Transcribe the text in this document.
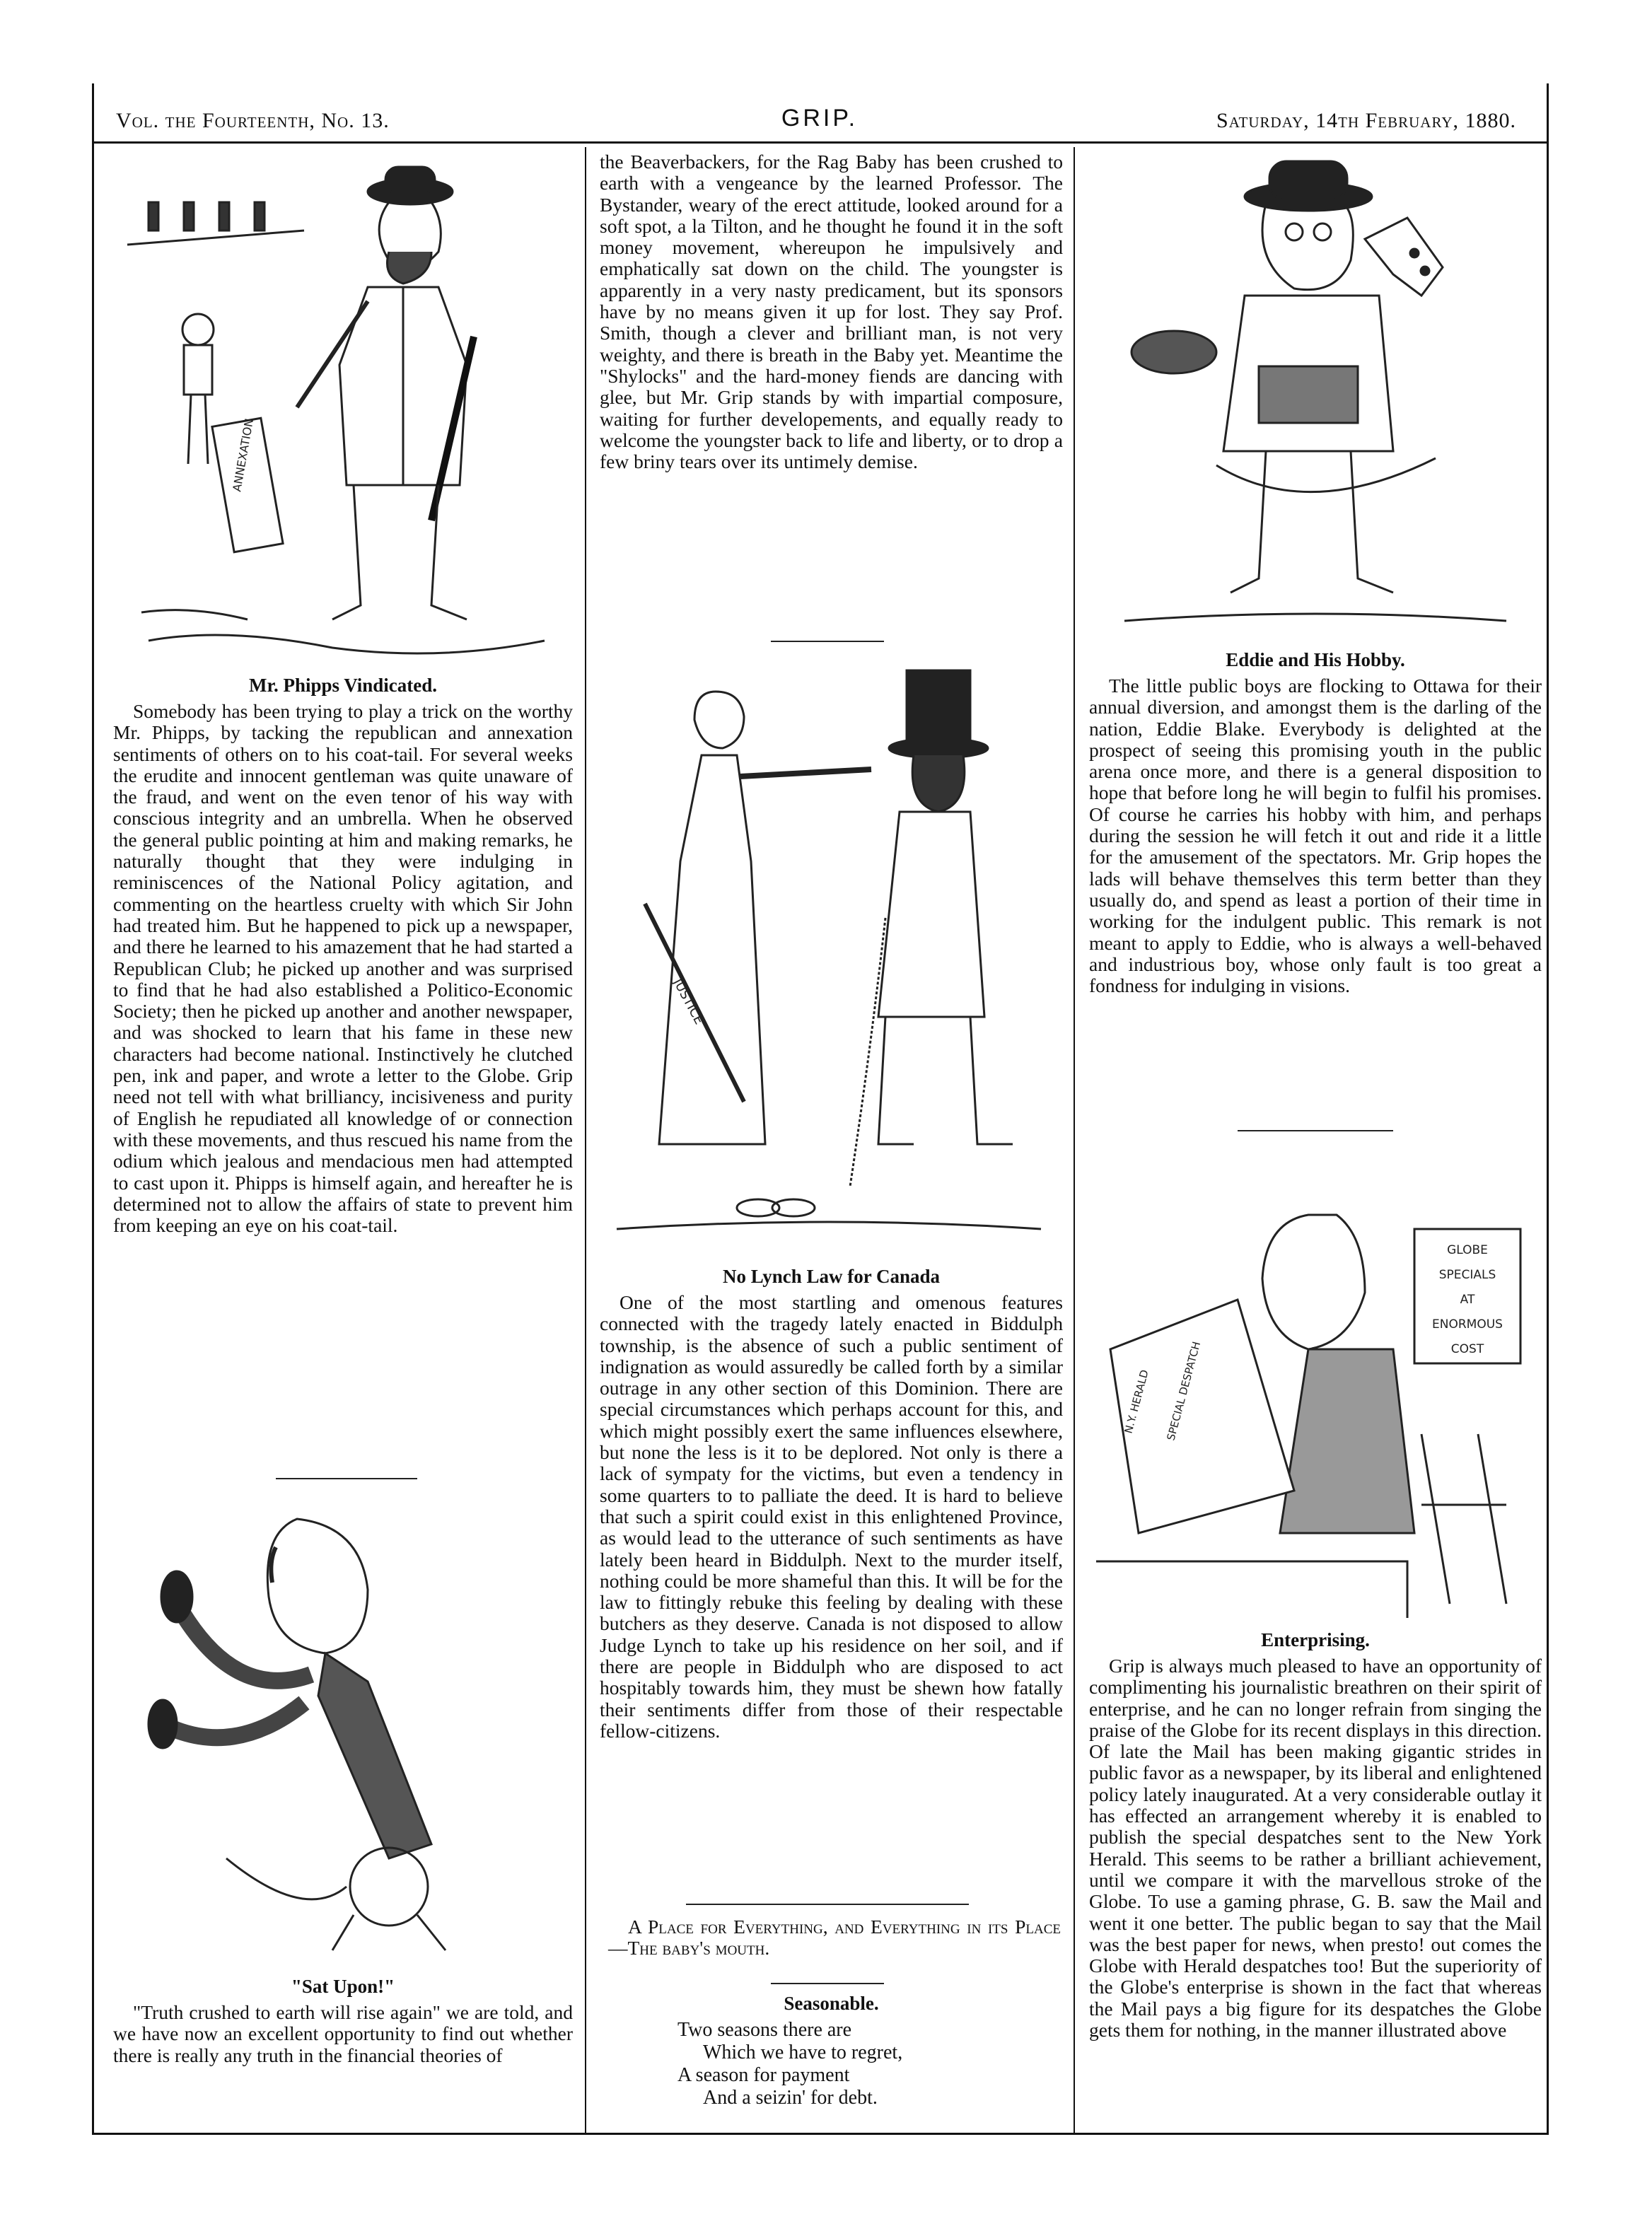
Vol. the Fourteenth, No. 13.	GRIP.	Saturday, 14th February, 1880.
ANNEXATION
Mr. Phipps Vindicated.

Somebody has been trying to play a trick on the worthy Mr. Phipps, by tacking the republican and annexation sentiments of others on to his coat-tail. For several weeks the erudite and innocent gentleman was quite unaware of the fraud, and went on the even tenor of his way with conscious integrity and an umbrella. When he observed the general public pointing at him and making remarks, he naturally thought that they were indulging in reminiscences of the National Policy agitation, and commenting on the heartless cruelty with which Sir John had treated him. But he happened to pick up a newspaper, and there he learned to his amazement that he had started a Republican Club; he picked up another and was surprised to find that he had also established a Politico-Economic Society; then he picked up another and another newspaper, and was shocked to learn that his fame in these new characters had become national. Instinctively he clutched pen, ink and paper, and wrote a letter to the Globe. Grip need not tell with what brilliancy, incisiveness and purity of English he repudiated all knowledge of or connection with these movements, and thus rescued his name from the odium which jealous and mendacious men had attempted to cast upon it. Phipps is himself again, and hereafter he is determined not to allow the affairs of state to prevent him from keeping an eye on his coat-tail.

"Sat Upon!"

"Truth crushed to earth will rise again" we are told, and we have now an excellent opportunity to find out whether there is really any truth in the financial theories of

the Beaverbackers, for the Rag Baby has been crushed to earth with a vengeance by the learned Professor. The Bystander, weary of the erect attitude, looked around for a soft spot, a la Tilton, and he thought he found it in the soft money movement, whereupon he impulsively and emphatically sat down on the child. The youngster is apparently in a very nasty predicament, but its sponsors have by no means given it up for lost. They say Prof. Smith, though a clever and brilliant man, is not very weighty, and there is breath in the Baby yet. Meantime the "Shylocks" and the hard-money fiends are dancing with glee, but Mr. Grip stands by with impartial composure, waiting for further developements, and equally ready to welcome the youngster back to life and liberty, or to drop a few briny tears over its untimely demise.

JUSTICE
No Lynch Law for Canada

One of the most startling and omenous features connected with the tragedy lately enacted in Biddulph township, is the absence of such a public sentiment of indignation as would assuredly be called forth by a similar outrage in any other section of this Dominion. There are special circumstances which perhaps account for this, and which might possibly exert the same influences elsewhere, but none the less is it to be deplored. Not only is there a lack of sympaty for the victims, but even a tendency in some quarters to to palliate the deed. It is hard to believe that such a spirit could exist in this enlightened Province, as would lead to the utterance of such sentiments as have lately been heard in Biddulph. Next to the murder itself, nothing could be more shameful than this. It will be for the law to fittingly rebuke this feeling by dealing with these butchers as they deserve. Canada is not disposed to allow Judge Lynch to take up his residence on her soil, and if there are people in Biddulph who are disposed to act hospitably towards him, they must be shewn how fatally their sentiments differ from those of their respectable fellow-citizens.

A Place for Everything, and Everything in its Place—The baby's mouth.

Seasonable.
Two seasons there are
Which we have to regret,
A season for payment
And a seizin' for debt.
Eddie and His Hobby.

The little public boys are flocking to Ottawa for their annual diversion, and amongst them is the darling of the nation, Eddie Blake. Everybody is delighted at the prospect of seeing this promising youth in the public arena once more, and there is a general disposition to hope that before long he will begin to fulfil his promises. Of course he carries his hobby with him, and perhaps during the session he will fetch it out and ride it a little for the amusement of the spectators. Mr. Grip hopes the lads will behave themselves this term better than they usually do, and spend as least a portion of their time in working for the indulgent public. This remark is not meant to apply to Eddie, who is always a well-behaved and industrious boy, whose only fault is too great a fondness for indulging in visions.

GLOBE
SPECIALS
AT
ENORMOUS
COST
N.Y. HERALD SPECIAL DESPATCH
Enterprising.

Grip is always much pleased to have an opportunity of complimenting his journalistic breathren on their spirit of enterprise, and he can no longer refrain from singing the praise of the Globe for its recent displays in this direction. Of late the Mail has been making gigantic strides in public favor as a newspaper, by its liberal and enlightened policy lately inaugurated. At a very considerable outlay it has effected an arrangement whereby it is enabled to publish the special despatches sent to the New York Herald. This seems to be rather a brilliant achievement, until we compare it with the marvellous stroke of the Globe. To use a gaming phrase, G. B. saw the Mail and went it one better. The public began to say that the Mail was the best paper for news, when presto! out comes the Globe with Herald despatches too! But the superiority of the Globe's enterprise is shown in the fact that whereas the Mail pays a big figure for its despatches the Globe gets them for nothing, in the manner illustrated above
